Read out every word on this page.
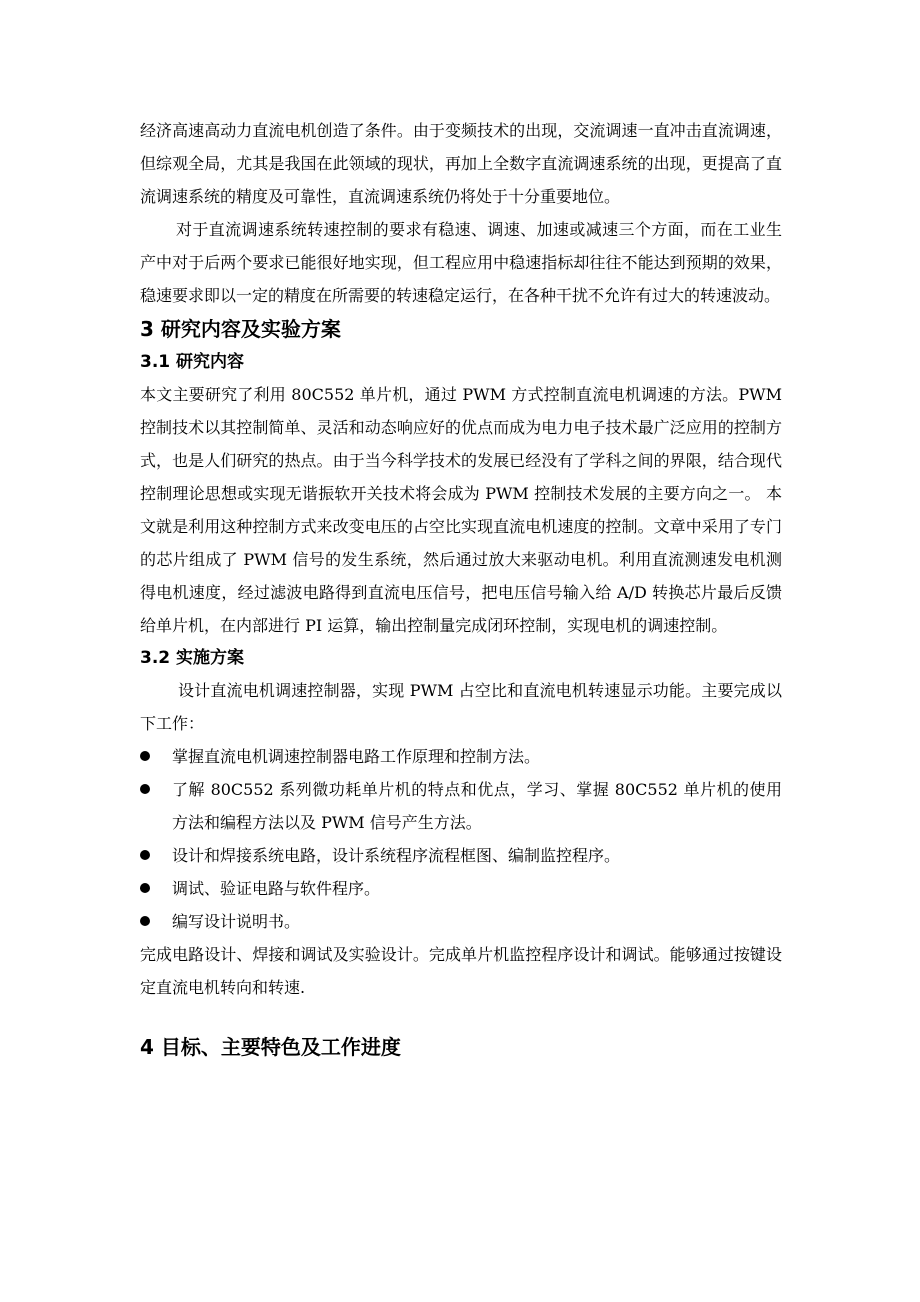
经济高速高动力直流电机创造了条件。由于变频技术的出现，交流调速一直冲击直流调速，但综观全局，尤其是我国在此领域的现状，再加上全数字直流调速系统的出现，更提高了直流调速系统的精度及可靠性，直流调速系统仍将处于十分重要地位。

对于直流调速系统转速控制的要求有稳速、调速、加速或减速三个方面，而在工业生产中对于后两个要求已能很好地实现，但工程应用中稳速指标却往往不能达到预期的效果，稳速要求即以一定的精度在所需要的转速稳定运行，在各种干扰不允许有过大的转速波动。

3 研究内容及实验方案
3.1 研究内容

本文主要研究了利用 80C552 单片机，通过 PWM 方式控制直流电机调速的方法。PWM 控制技术以其控制简单、灵活和动态响应好的优点而成为电力电子技术最广泛应用的控制方式，也是人们研究的热点。由于当今科学技术的发展已经没有了学科之间的界限，结合现代控制理论思想或实现无谐振软开关技术将会成为 PWM 控制技术发展的主要方向之一。 本文就是利用这种控制方式来改变电压的占空比实现直流电机速度的控制。文章中采用了专门的芯片组成了 PWM 信号的发生系统，然后通过放大来驱动电机。利用直流测速发电机测得电机速度，经过滤波电路得到直流电压信号，把电压信号输入给 A/D 转换芯片最后反馈给单片机，在内部进行 PI 运算，输出控制量完成闭环控制，实现电机的调速控制。

3.2 实施方案

设计直流电机调速控制器，实现 PWM 占空比和直流电机转速显示功能。主要完成以下工作：

掌握直流电机调速控制器电路工作原理和控制方法。
了解 80C552 系列微功耗单片机的特点和优点，学习、掌握 80C552 单片机的使用方法和编程方法以及 PWM 信号产生方法。
设计和焊接系统电路，设计系统程序流程框图、编制监控程序。
调试、验证电路与软件程序。
编写设计说明书。

完成电路设计、焊接和调试及实验设计。完成单片机监控程序设计和调试。能够通过按键设定直流电机转向和转速.

4 目标、主要特色及工作进度
